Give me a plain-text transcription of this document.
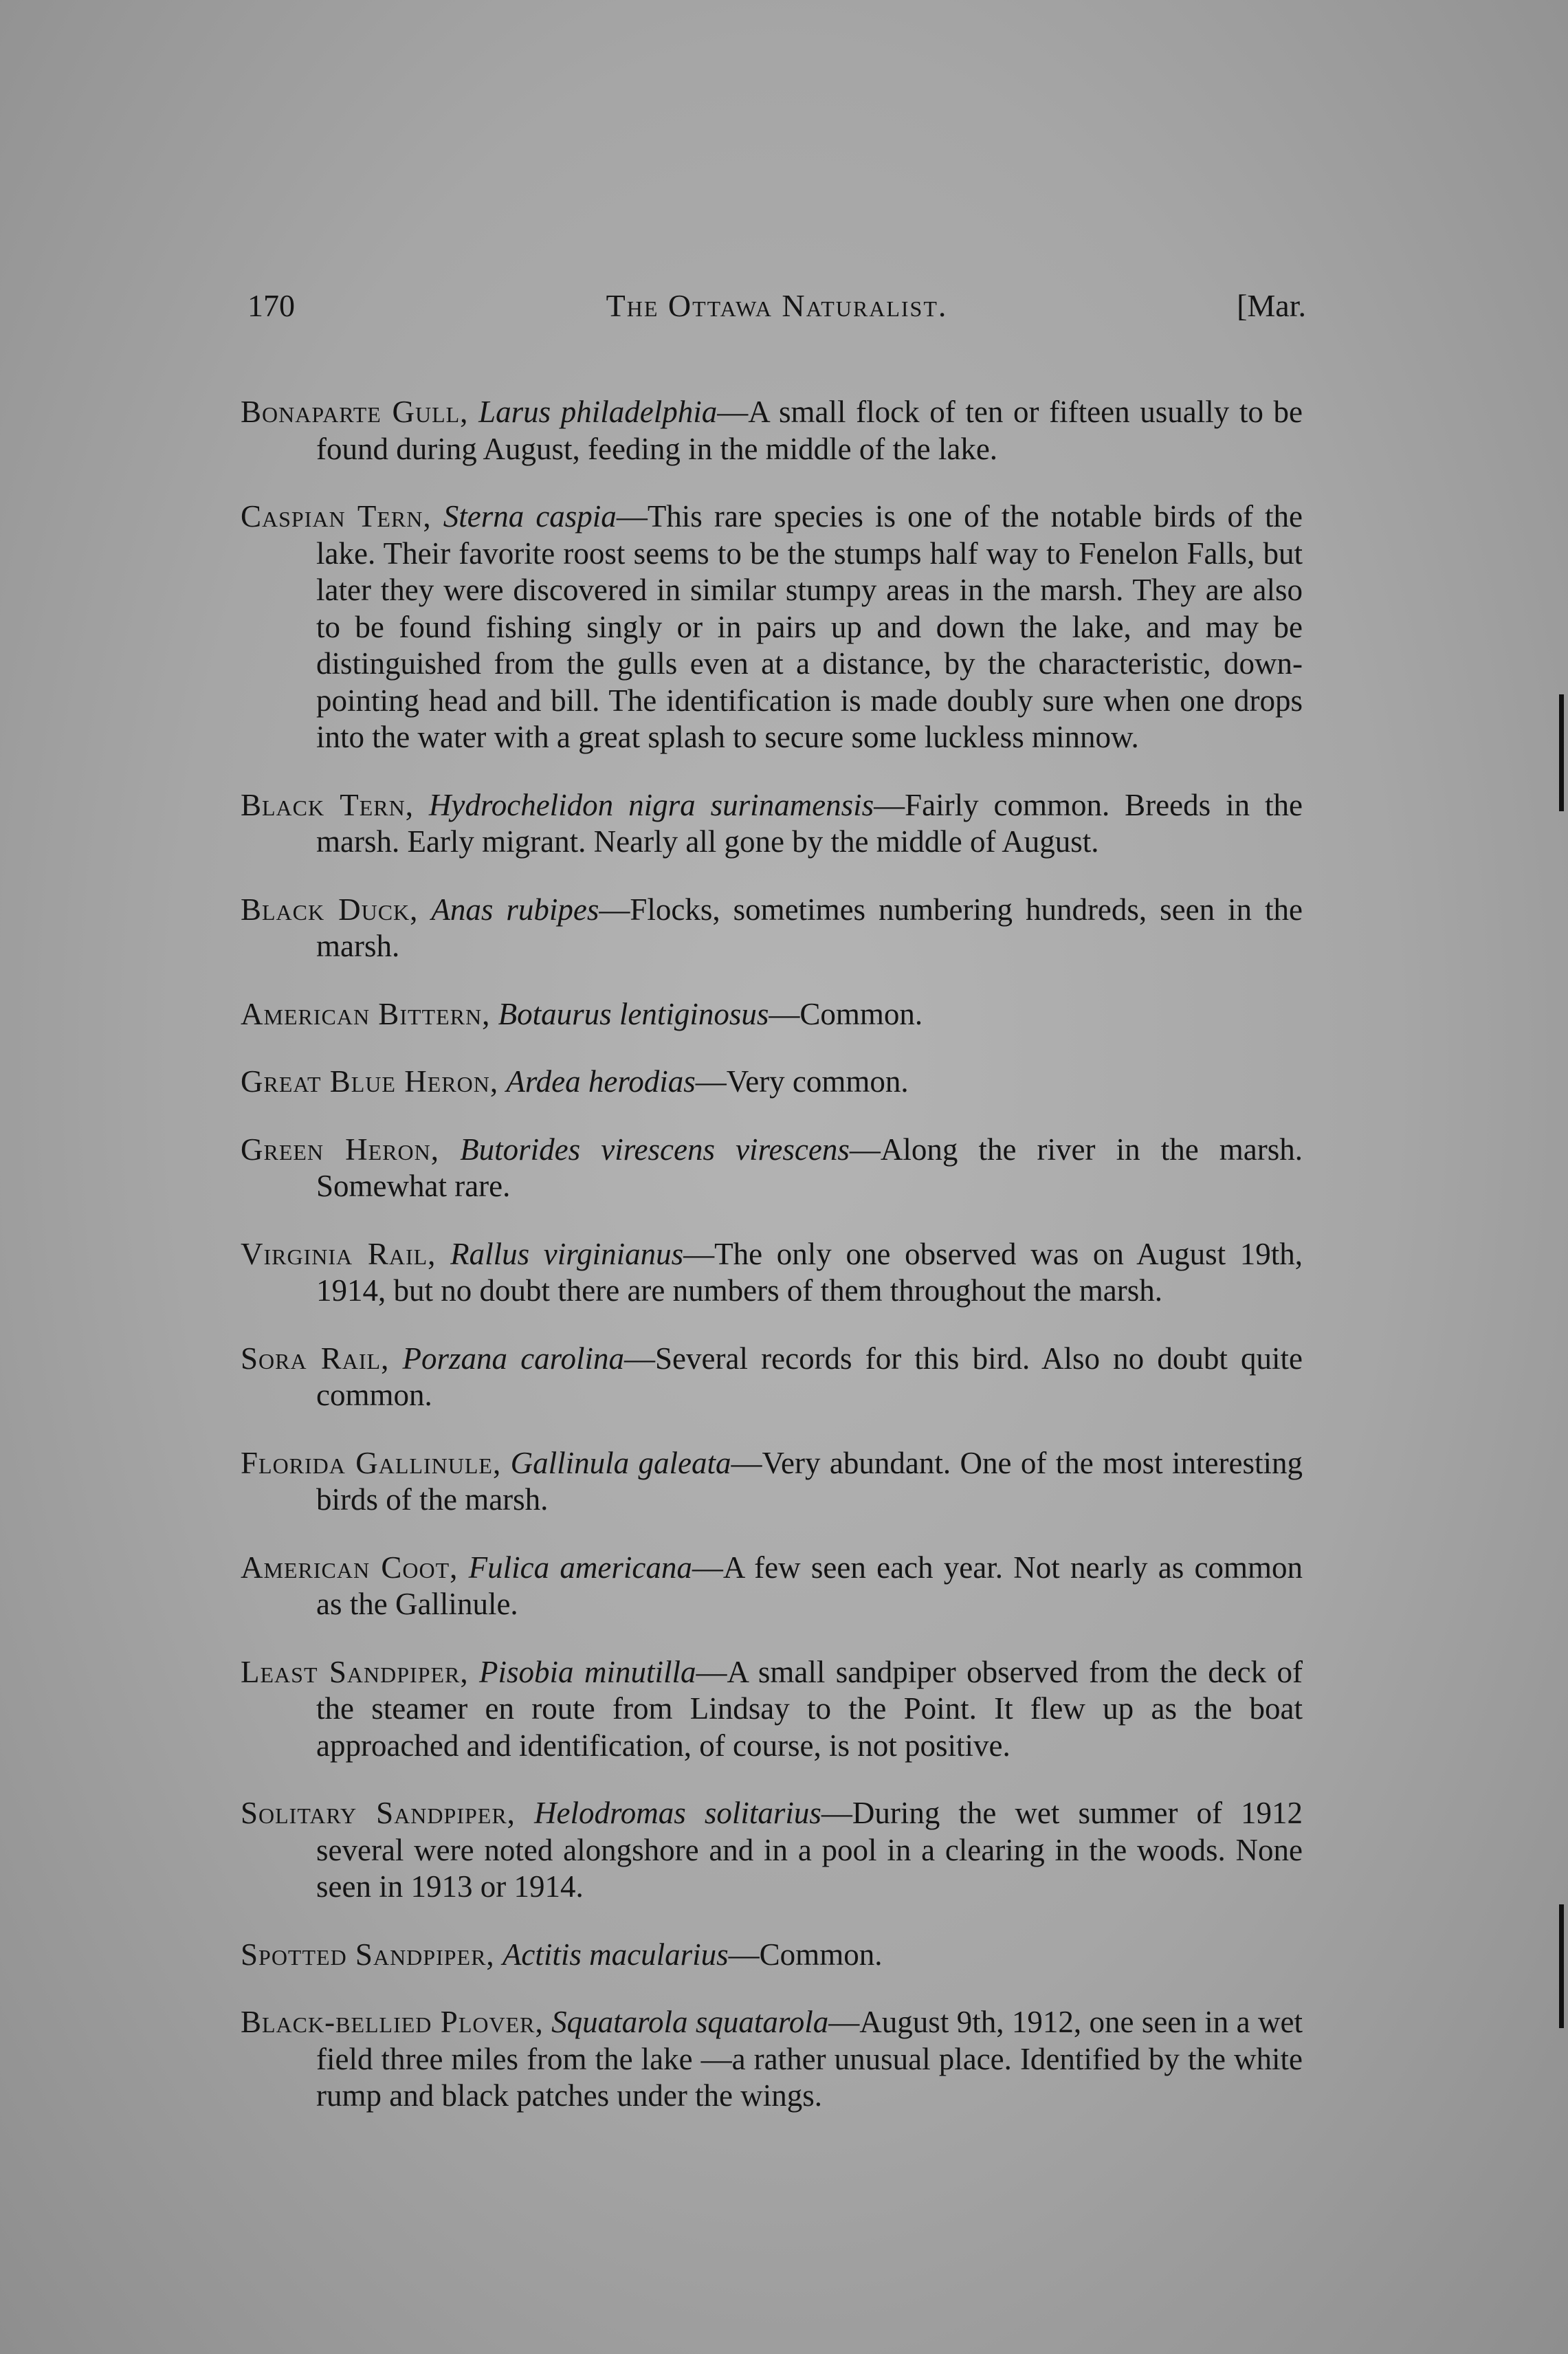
170	The Ottawa Naturalist.	[Mar.

Bonaparte Gull, Larus philadelphia—A small flock of ten or fifteen usually to be found during August, feeding in the middle of the lake.

Caspian Tern, Sterna caspia—This rare species is one of the notable birds of the lake. Their favorite roost seems to be the stumps half way to Fenelon Falls, but later they were discovered in similar stumpy areas in the marsh. They are also to be found fishing singly or in pairs up and down the lake, and may be distinguished from the gulls even at a distance, by the characteristic, down-pointing head and bill. The identification is made doubly sure when one drops into the water with a great splash to secure some luckless minnow.

Black Tern, Hydrochelidon nigra surinamensis—Fairly common. Breeds in the marsh. Early migrant. Nearly all gone by the middle of August.

Black Duck, Anas rubipes—Flocks, sometimes numbering hundreds, seen in the marsh.

American Bittern, Botaurus lentiginosus—Common.

Great Blue Heron, Ardea herodias—Very common.

Green Heron, Butorides virescens virescens—Along the river in the marsh. Somewhat rare.

Virginia Rail, Rallus virginianus—The only one observed was on August 19th, 1914, but no doubt there are numbers of them throughout the marsh.

Sora Rail, Porzana carolina—Several records for this bird. Also no doubt quite common.

Florida Gallinule, Gallinula galeata—Very abundant. One of the most interesting birds of the marsh.

American Coot, Fulica americana—A few seen each year. Not nearly as common as the Gallinule.

Least Sandpiper, Pisobia minutilla—A small sandpiper observed from the deck of the steamer en route from Lindsay to the Point. It flew up as the boat approached and identification, of course, is not positive.

Solitary Sandpiper, Helodromas solitarius—During the wet summer of 1912 several were noted alongshore and in a pool in a clearing in the woods. None seen in 1913 or 1914.

Spotted Sandpiper, Actitis macularius—Common.

Black-bellied Plover, Squatarola squatarola—August 9th, 1912, one seen in a wet field three miles from the lake —a rather unusual place. Identified by the white rump and black patches under the wings.
